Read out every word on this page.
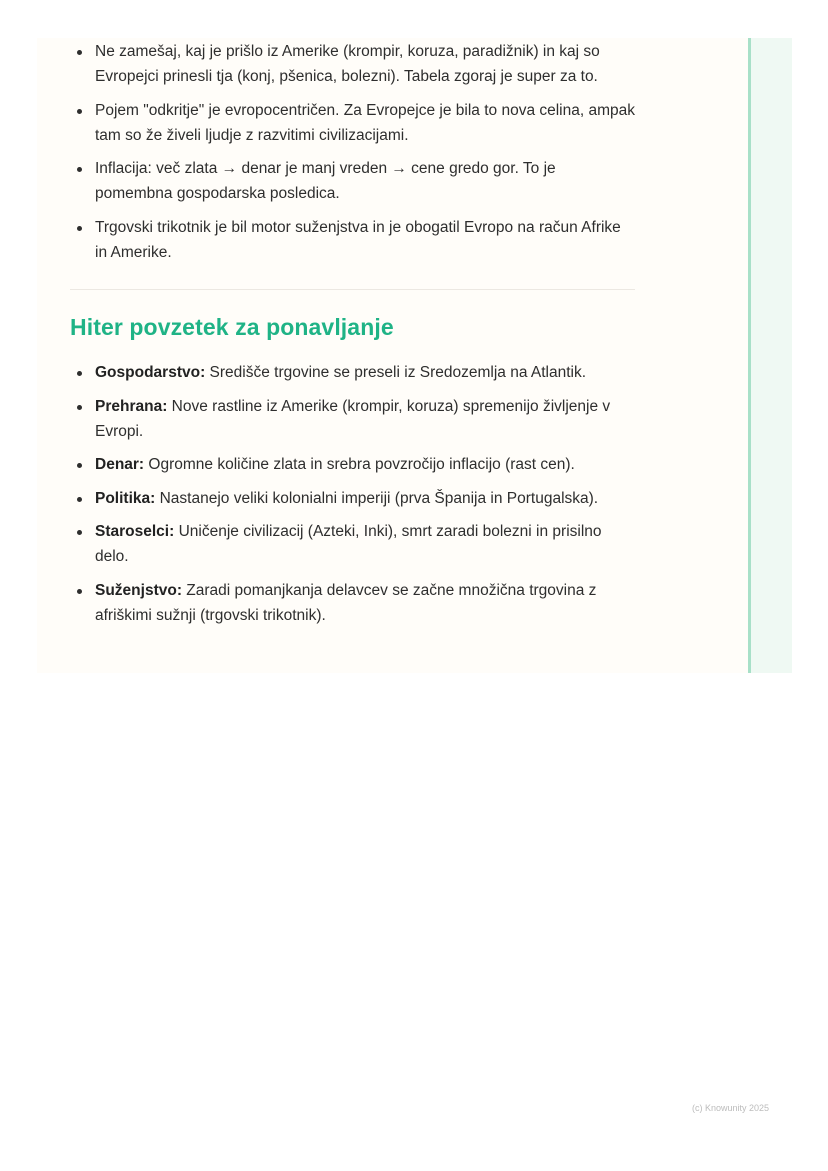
Ne zamešaj, kaj je prišlo iz Amerike (krompir, koruza, paradižnik) in kaj so Evropejci prinesli tja (konj, pšenica, bolezni). Tabela zgoraj je super za to.
Pojem "odkritje" je evropocentričen. Za Evropejce je bila to nova celina, ampak tam so že živeli ljudje z razvitimi civilizacijami.
Inflacija: več zlata → denar je manj vreden → cene gredo gor. To je pomembna gospodarska posledica.
Trgovski trikotnik je bil motor suženjstva in je obogatil Evropo na račun Afrike in Amerike.
Hiter povzetek za ponavljanje
Gospodarstvo: Središče trgovine se preseli iz Sredozemlja na Atlantik.
Prehrana: Nove rastline iz Amerike (krompir, koruza) spremenijo življenje v Evropi.
Denar: Ogromne količine zlata in srebra povzročijo inflacijo (rast cen).
Politika: Nastanejo veliki kolonialni imperiji (prva Španija in Portugalska).
Staroselci: Uničenje civilizacij (Azteki, Inki), smrt zaradi bolezni in prisilno delo.
Suženjstvo: Zaradi pomanjkanja delavcev se začne množična trgovina z afriškimi sužnji (trgovski trikotnik).
(c) Knowunity 2025
